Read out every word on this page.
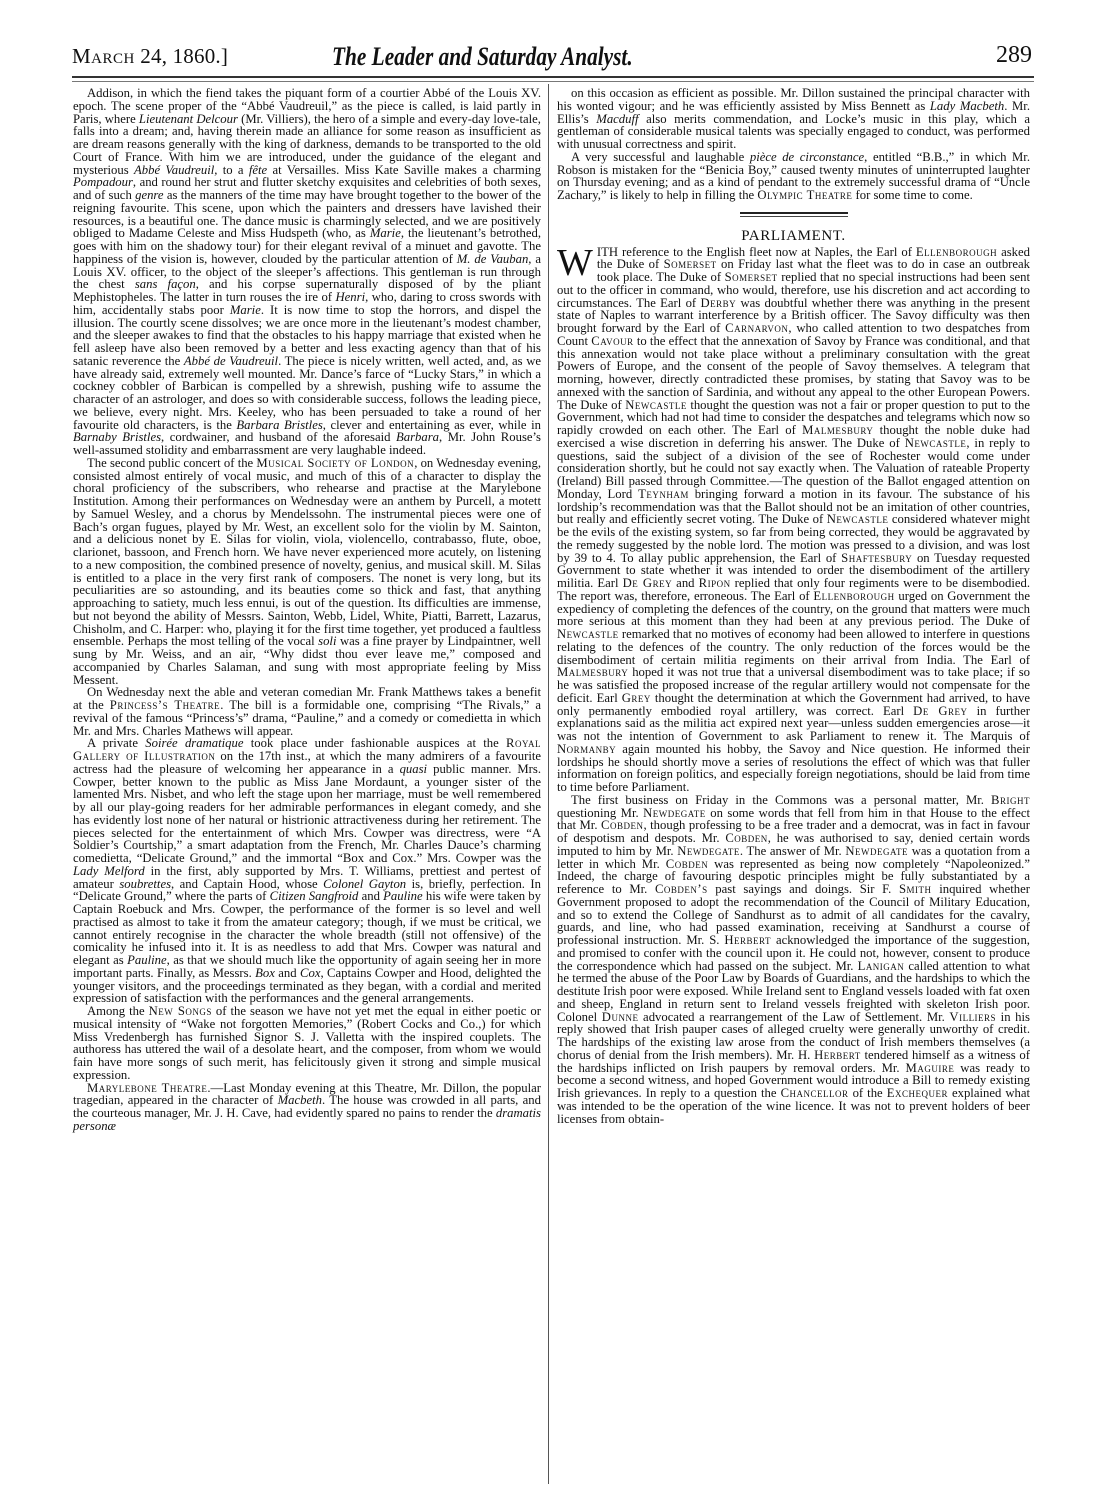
March 24, 1860.]	The Leader and Saturday Analyst.	289

Addison, in which the fiend takes the piquant form of a courtier Abbé of the Louis XV. epoch. The scene proper of the “Abbé Vaudreuil,” as the piece is called, is laid partly in Paris, where Lieutenant Delcour (Mr. Villiers), the hero of a simple and every-day love-tale, falls into a dream; and, having therein made an alliance for some reason as insufficient as are dream reasons generally with the king of darkness, demands to be transported to the old Court of France. With him we are introduced, under the guidance of the elegant and mysterious Abbé Vaudreuil, to a fête at Versailles. Miss Kate Saville makes a charming Pompadour, and round her strut and flutter sketchy exquisites and celebrities of both sexes, and of such genre as the manners of the time may have brought together to the bower of the reigning favourite. This scene, upon which the painters and dressers have lavished their resources, is a beautiful one. The dance music is charmingly selected, and we are positively obliged to Madame Celeste and Miss Hudspeth (who, as Marie, the lieutenant’s betrothed, goes with him on the shadowy tour) for their elegant revival of a minuet and gavotte. The happiness of the vision is, however, clouded by the particular attention of M. de Vauban, a Louis XV. officer, to the object of the sleeper’s affections. This gentleman is run through the chest sans façon, and his corpse supernaturally disposed of by the pliant Mephistopheles. The latter in turn rouses the ire of Henri, who, daring to cross swords with him, accidentally stabs poor Marie. It is now time to stop the horrors, and dispel the illusion. The courtly scene dissolves; we are once more in the lieutenant’s modest chamber, and the sleeper awakes to find that the obstacles to his happy marriage that existed when he fell asleep have also been removed by a better and less exacting agency than that of his satanic reverence the Abbé de Vaudreuil. The piece is nicely written, well acted, and, as we have already said, extremely well mounted. Mr. Dance’s farce of “Lucky Stars,” in which a cockney cobbler of Barbican is compelled by a shrewish, pushing wife to assume the character of an astrologer, and does so with considerable success, follows the leading piece, we believe, every night. Mrs. Keeley, who has been persuaded to take a round of her favourite old characters, is the Barbara Bristles, clever and entertaining as ever, while in Barnaby Bristles, cordwainer, and husband of the aforesaid Barbara, Mr. John Rouse’s well-assumed stolidity and embarrassment are very laughable indeed.

The second public concert of the Musical Society of London, on Wednesday evening, consisted almost entirely of vocal music, and much of this of a character to display the choral proficiency of the subscribers, who rehearse and practise at the Marylebone Institution. Among their performances on Wednesday were an anthem by Purcell, a motett by Samuel Wesley, and a chorus by Mendelssohn. The instrumental pieces were one of Bach’s organ fugues, played by Mr. West, an excellent solo for the violin by M. Sainton, and a delicious nonet by E. Silas for violin, viola, violencello, contrabasso, flute, oboe, clarionet, bassoon, and French horn. We have never experienced more acutely, on listening to a new composition, the combined presence of novelty, genius, and musical skill. M. Silas is entitled to a place in the very first rank of composers. The nonet is very long, but its peculiarities are so astounding, and its beauties come so thick and fast, that anything approaching to satiety, much less ennui, is out of the question. Its difficulties are immense, but not beyond the ability of Messrs. Sainton, Webb, Lidel, White, Piatti, Barrett, Lazarus, Chisholm, and C. Harper: who, playing it for the first time together, yet produced a faultless ensemble. Perhaps the most telling of the vocal soli was a fine prayer by Lindpaintner, well sung by Mr. Weiss, and an air, “Why didst thou ever leave me,” composed and accompanied by Charles Salaman, and sung with most appropriate feeling by Miss Messent.

On Wednesday next the able and veteran comedian Mr. Frank Matthews takes a benefit at the Princess’s Theatre. The bill is a formidable one, comprising “The Rivals,” a revival of the famous “Princess’s” drama, “Pauline,” and a comedy or comedietta in which Mr. and Mrs. Charles Mathews will appear.

A private Soirée dramatique took place under fashionable auspices at the Royal Gallery of Illustration on the 17th inst., at which the many admirers of a favourite actress had the pleasure of welcoming her appearance in a quasi public manner. Mrs. Cowper, better known to the public as Miss Jane Mordaunt, a younger sister of the lamented Mrs. Nisbet, and who left the stage upon her marriage, must be well remembered by all our play-going readers for her admirable performances in elegant comedy, and she has evidently lost none of her natural or histrionic attractiveness during her retirement. The pieces selected for the entertainment of which Mrs. Cowper was directress, were “A Soldier’s Courtship,” a smart adaptation from the French, Mr. Charles Dauce’s charming comedietta, “Delicate Ground,” and the immortal “Box and Cox.” Mrs. Cowper was the Lady Melford in the first, ably supported by Mrs. T. Williams, prettiest and pertest of amateur soubrettes, and Captain Hood, whose Colonel Gayton is, briefly, perfection. In “Delicate Ground,” where the parts of Citizen Sangfroid and Pauline his wife were taken by Captain Roebuck and Mrs. Cowper, the performance of the former is so level and well practised as almost to take it from the amateur category; though, if we must be critical, we cannot entirely recognise in the character the whole breadth (still not offensive) of the comicality he infused into it. It is as needless to add that Mrs. Cowper was natural and elegant as Pauline, as that we should much like the opportunity of again seeing her in more important parts. Finally, as Messrs. Box and Cox, Captains Cowper and Hood, delighted the younger visitors, and the proceedings terminated as they began, with a cordial and merited expression of satisfaction with the performances and the general arrangements.

Among the New Songs of the season we have not yet met the equal in either poetic or musical intensity of “Wake not forgotten Memories,” (Robert Cocks and Co.,) for which Miss Vredenbergh has furnished Signor S. J. Valletta with the inspired couplets. The authoress has uttered the wail of a desolate heart, and the composer, from whom we would fain have more songs of such merit, has felicitously given it strong and simple musical expression.

Marylebone Theatre.—Last Monday evening at this Theatre, Mr. Dillon, the popular tragedian, appeared in the character of Macbeth. The house was crowded in all parts, and the courteous manager, Mr. J. H. Cave, had evidently spared no pains to render the dramatis personæ

on this occasion as efficient as possible. Mr. Dillon sustained the principal character with his wonted vigour; and he was efficiently assisted by Miss Bennett as Lady Macbeth. Mr. Ellis’s Macduff also merits commendation, and Locke’s music in this play, which a gentleman of considerable musical talents was specially engaged to conduct, was performed with unusual correctness and spirit.

A very successful and laughable pièce de circonstance, entitled “B.B.,” in which Mr. Robson is mistaken for the “Benicia Boy,” caused twenty minutes of uninterrupted laughter on Thursday evening; and as a kind of pendant to the extremely successful drama of “Uncle Zachary,” is likely to help in filling the Olympic Theatre for some time to come.

PARLIAMENT.
W ITH reference to the English fleet now at Naples, the Earl of Ellenborough asked the Duke of Somerset on Friday last what the fleet was to do in case an outbreak took place. The Duke of Somerset replied that no special instructions had been sent out to the officer in command, who would, therefore, use his discretion and act according to circumstances. The Earl of Derby was doubtful whether there was anything in the present state of Naples to warrant interference by a British officer. The Savoy difficulty was then brought forward by the Earl of Carnarvon, who called attention to two despatches from Count Cavour to the effect that the annexation of Savoy by France was conditional, and that this annexation would not take place without a preliminary consultation with the great Powers of Europe, and the consent of the people of Savoy themselves. A telegram that morning, however, directly contradicted these promises, by stating that Savoy was to be annexed with the sanction of Sardinia, and without any appeal to the other European Powers. The Duke of Newcastle thought the question was not a fair or proper question to put to the Government, which had not had time to consider the despatches and telegrams which now so rapidly crowded on each other. The Earl of Malmesbury thought the noble duke had exercised a wise discretion in deferring his answer. The Duke of Newcastle, in reply to questions, said the subject of a division of the see of Rochester would come under consideration shortly, but he could not say exactly when. The Valuation of rateable Property (Ireland) Bill passed through Committee.—The question of the Ballot engaged attention on Monday, Lord Teynham bringing forward a motion in its favour. The substance of his lordship’s recommendation was that the Ballot should not be an imitation of other countries, but really and efficiently secret voting. The Duke of Newcastle considered whatever might be the evils of the existing system, so far from being corrected, they would be aggravated by the remedy suggested by the noble lord. The motion was pressed to a division, and was lost by 39 to 4. To allay public apprehension, the Earl of Shaftesbury on Tuesday requested Government to state whether it was intended to order the disembodiment of the artillery militia. Earl De Grey and Ripon replied that only four regiments were to be disembodied. The report was, therefore, erroneous. The Earl of Ellenborough urged on Government the expediency of completing the defences of the country, on the ground that matters were much more serious at this moment than they had been at any previous period. The Duke of Newcastle remarked that no motives of economy had been allowed to interfere in questions relating to the defences of the country. The only reduction of the forces would be the disembodiment of certain militia regiments on their arrival from India. The Earl of Malmesbury hoped it was not true that a universal disembodiment was to take place; if so he was satisfied the proposed increase of the regular artillery would not compensate for the deficit. Earl Grey thought the determination at which the Government had arrived, to have only permanently embodied royal artillery, was correct. Earl De Grey in further explanations said as the militia act expired next year—unless sudden emergencies arose—it was not the intention of Government to ask Parliament to renew it. The Marquis of Normanby again mounted his hobby, the Savoy and Nice question. He informed their lordships he should shortly move a series of resolutions the effect of which was that fuller information on foreign politics, and especially foreign negotiations, should be laid from time to time before Parliament.

The first business on Friday in the Commons was a personal matter, Mr. Bright questioning Mr. Newdegate on some words that fell from him in that House to the effect that Mr. Cobden, though professing to be a free trader and a democrat, was in fact in favour of despotism and despots. Mr. Cobden, he was authorised to say, denied certain words imputed to him by Mr. Newdegate. The answer of Mr. Newdegate was a quotation from a letter in which Mr. Cobden was represented as being now completely “Napoleonized.” Indeed, the charge of favouring despotic principles might be fully substantiated by a reference to Mr. Cobden’s past sayings and doings. Sir F. Smith inquired whether Government proposed to adopt the recommendation of the Council of Military Education, and so to extend the College of Sandhurst as to admit of all candidates for the cavalry, guards, and line, who had passed examination, receiving at Sandhurst a course of professional instruction. Mr. S. Herbert acknowledged the importance of the suggestion, and promised to confer with the council upon it. He could not, however, consent to produce the correspondence which had passed on the subject. Mr. Lanigan called attention to what he termed the abuse of the Poor Law by Boards of Guardians, and the hardships to which the destitute Irish poor were exposed. While Ireland sent to England vessels loaded with fat oxen and sheep, England in return sent to Ireland vessels freighted with skeleton Irish poor. Colonel Dunne advocated a rearrangement of the Law of Settlement. Mr. Villiers in his reply showed that Irish pauper cases of alleged cruelty were generally unworthy of credit. The hardships of the existing law arose from the conduct of Irish members themselves (a chorus of denial from the Irish members). Mr. H. Herbert tendered himself as a witness of the hardships inflicted on Irish paupers by removal orders. Mr. Maguire was ready to become a second witness, and hoped Government would introduce a Bill to remedy existing Irish grievances. In reply to a question the Chancellor of the Exchequer explained what was intended to be the operation of the wine licence. It was not to prevent holders of beer licenses from obtain-
